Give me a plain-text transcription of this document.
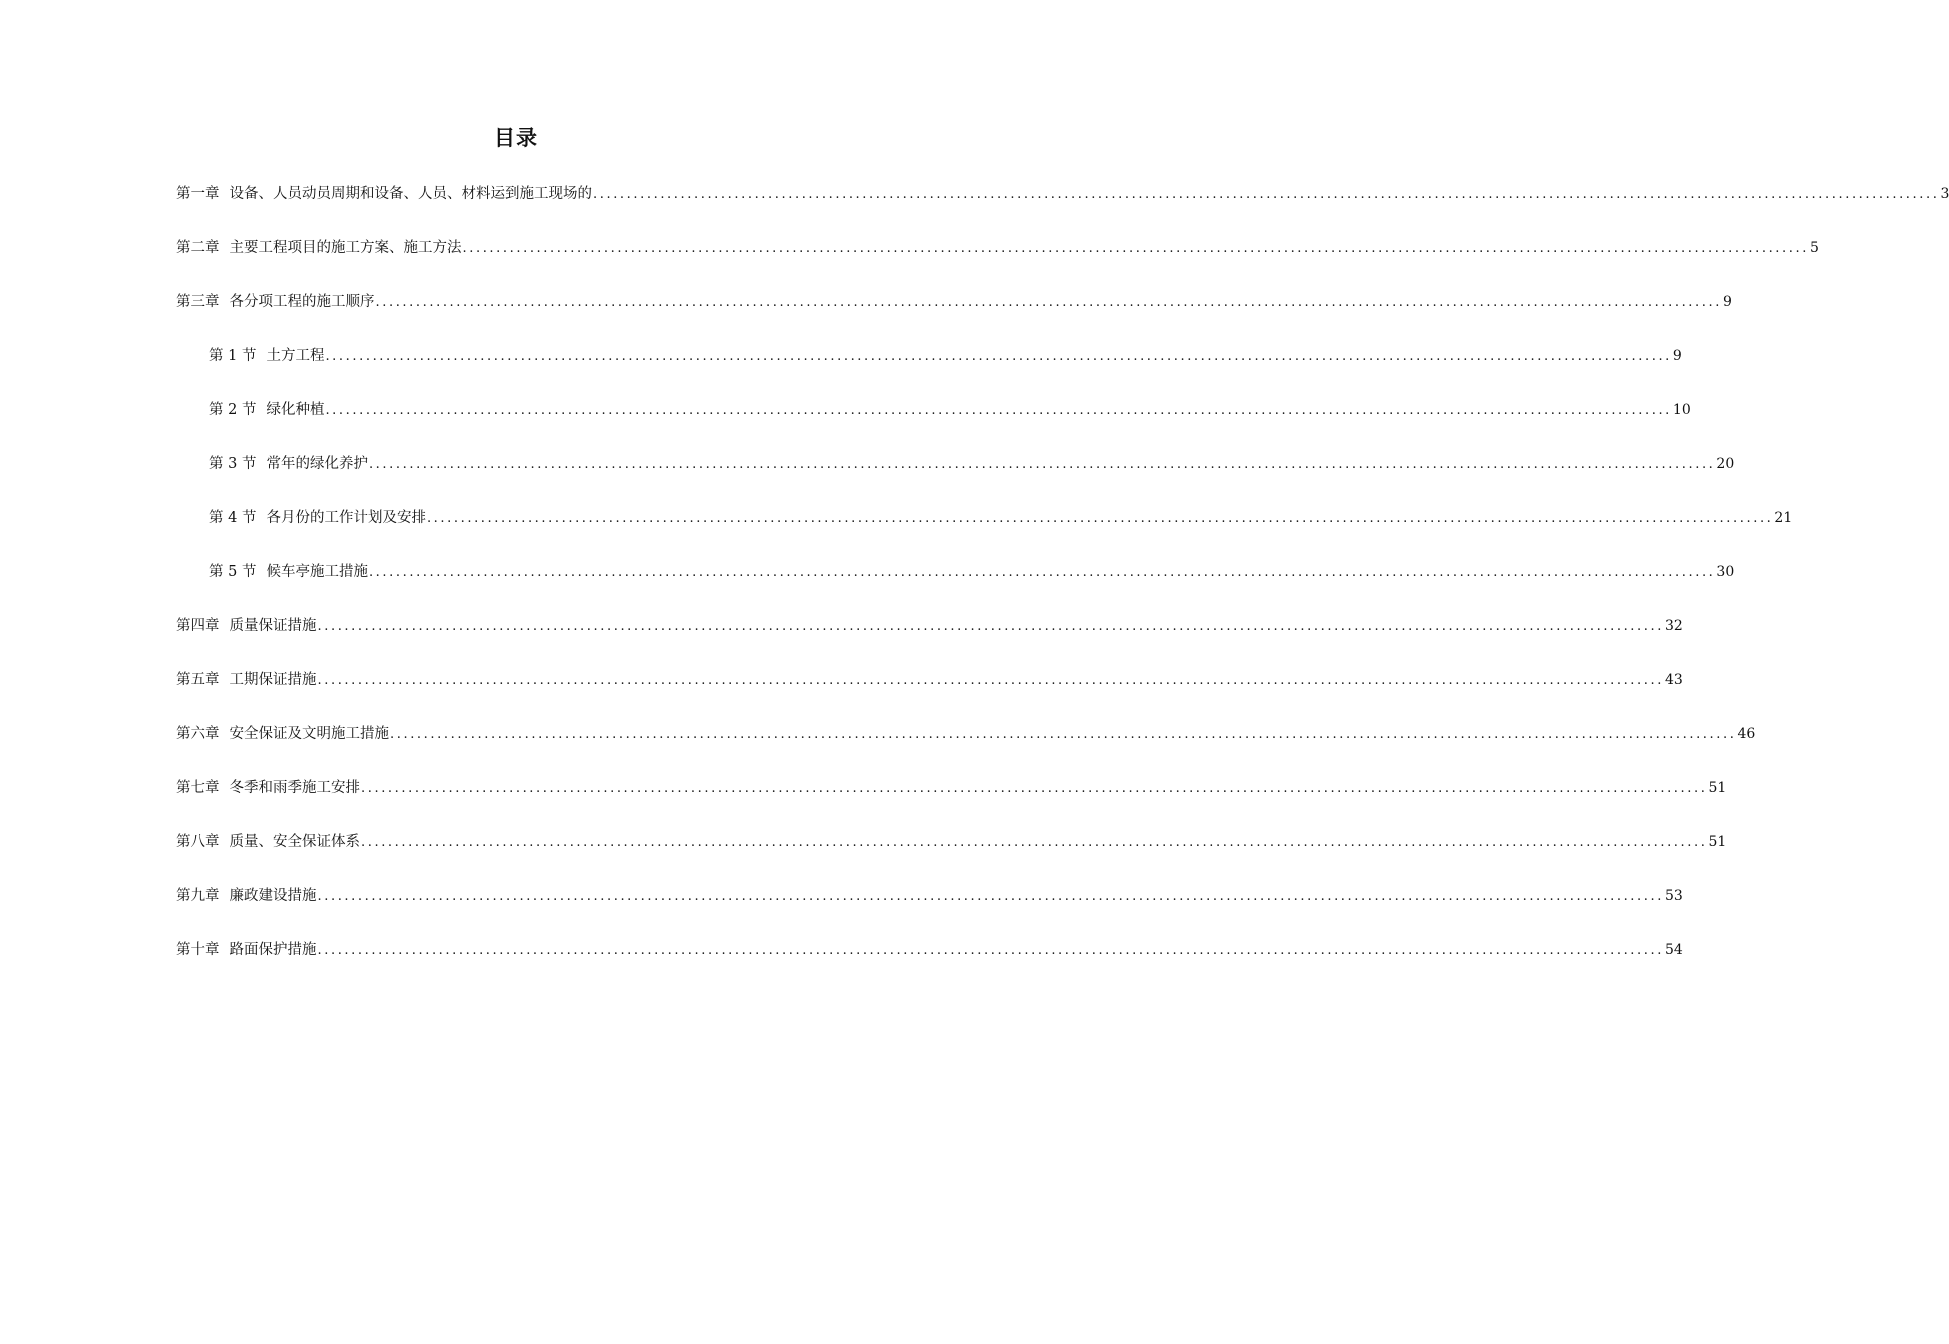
目录
第一章 设备、人员动员周期和设备、人员、材料运到施工现场的 ........................................................................................................................................................................................................ 3
第二章 主要工程项目的施工方案、施工方法 ........................................................................................................................................................................................................ 5
第三章 各分项工程的施工顺序 ........................................................................................................................................................................................................ 9
第 1 节 土方工程 ........................................................................................................................................................................................................ 9
第 2 节 绿化种植 ........................................................................................................................................................................................................ 10
第 3 节 常年的绿化养护 ........................................................................................................................................................................................................ 20
第 4 节 各月份的工作计划及安排 ........................................................................................................................................................................................................ 21
第 5 节 候车亭施工措施 ........................................................................................................................................................................................................ 30
第四章 质量保证措施 ........................................................................................................................................................................................................ 32
第五章 工期保证措施 ........................................................................................................................................................................................................ 43
第六章 安全保证及文明施工措施 ........................................................................................................................................................................................................ 46
第七章 冬季和雨季施工安排 ........................................................................................................................................................................................................ 51
第八章 质量、安全保证体系 ........................................................................................................................................................................................................ 51
第九章 廉政建设措施 ........................................................................................................................................................................................................ 53
第十章 路面保护措施 ........................................................................................................................................................................................................ 54
